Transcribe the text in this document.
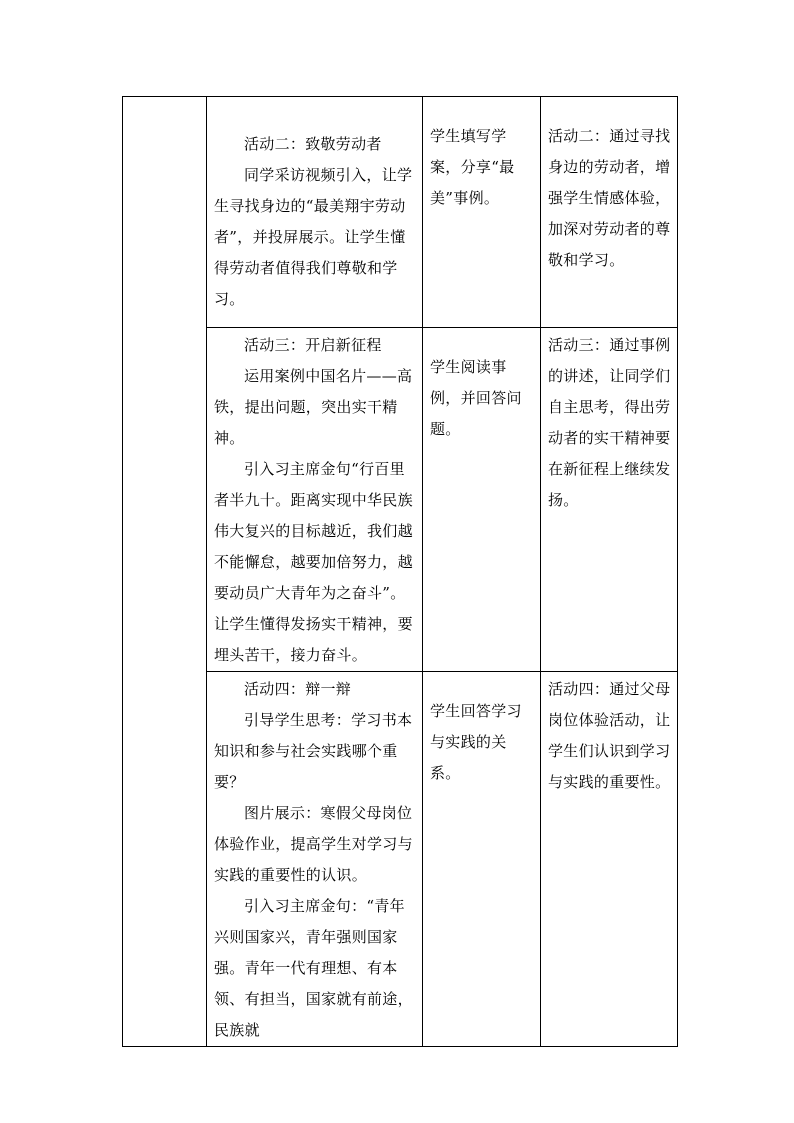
	活动二：致敬劳动者

同学采访视频引入，让学生寻找身边的“最美翔宇劳动者”，并投屏展示。让学生懂得劳动者值得我们尊敬和学习。	学生填写学案，分享“最美”事例。	活动二：通过寻找身边的劳动者，增强学生情感体验，加深对劳动者的尊敬和学习。

	活动三：开启新征程

运用案例中国名片——高铁，提出问题，突出实干精神。

引入习主席金句“行百里者半九十。距离实现中华民族伟大复兴的目标越近，我们越不能懈怠，越要加倍努力，越要动员广大青年为之奋斗”。让学生懂得发扬实干精神，要埋头苦干，接力奋斗。	学生阅读事例，并回答问题。	活动三：通过事例的讲述，让同学们自主思考，得出劳动者的实干精神要在新征程上继续发扬。

	活动四：辩一辩

引导学生思考：学习书本知识和参与社会实践哪个重要？

图片展示：寒假父母岗位体验作业，提高学生对学习与实践的重要性的认识。

引入习主席金句：“青年兴则国家兴，青年强则国家强。青年一代有理想、有本领、有担当，国家就有前途，民族就	学生回答学习与实践的关系。	活动四：通过父母岗位体验活动，让学生们认识到学习与实践的重要性。
